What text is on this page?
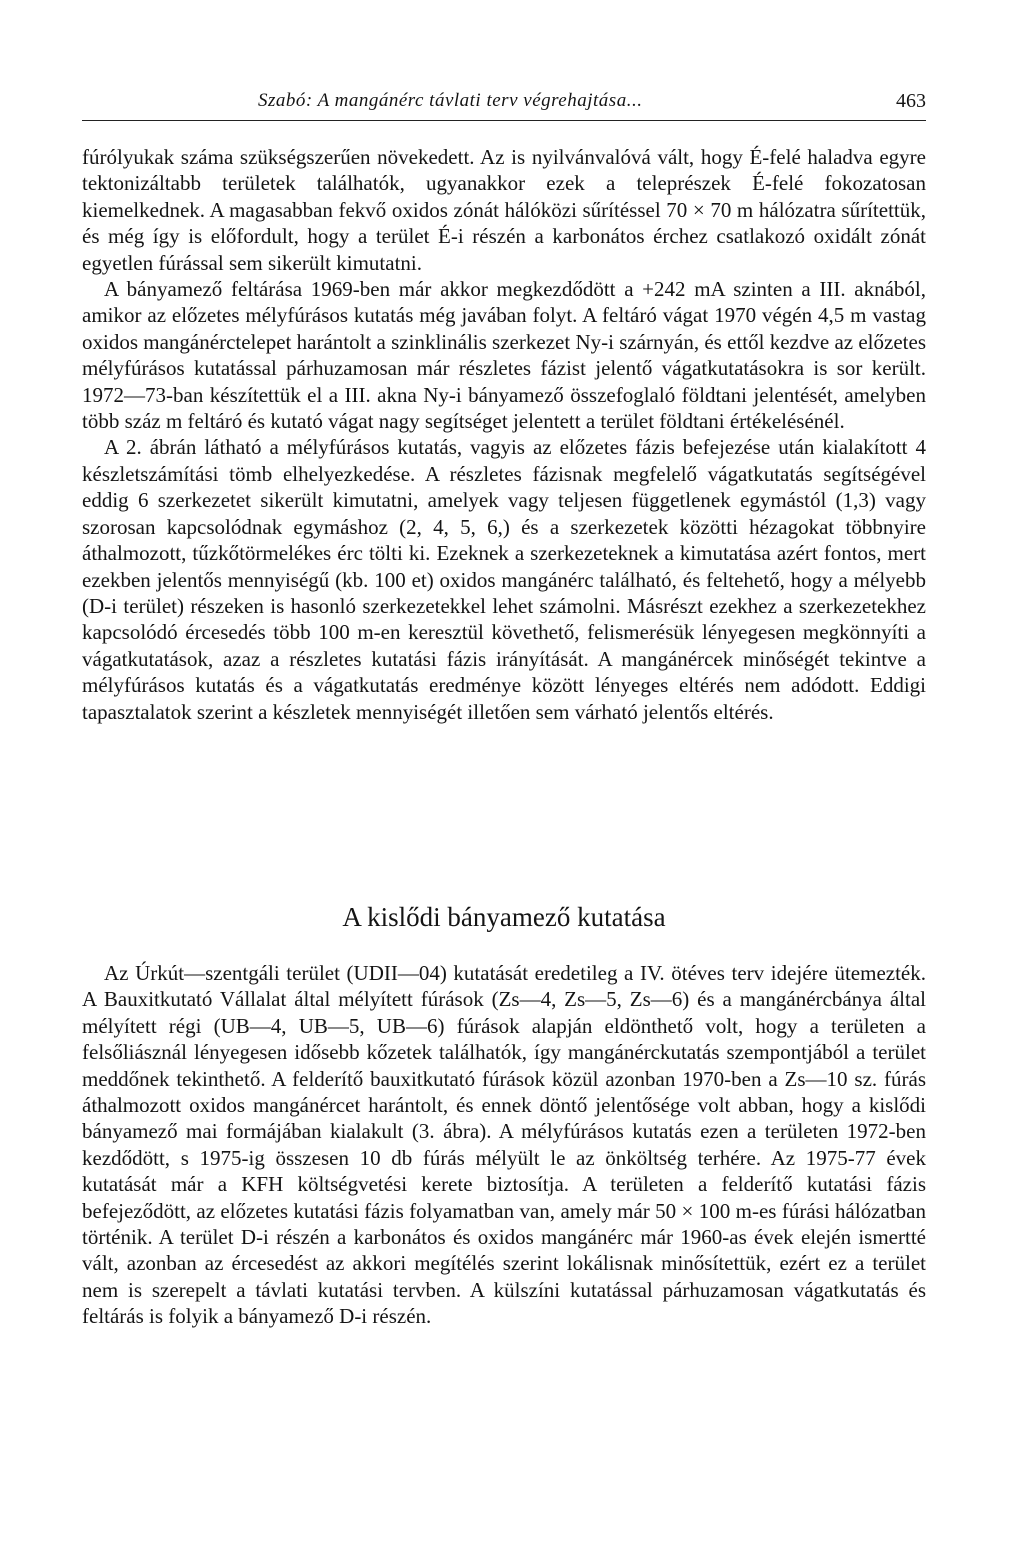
Szabó: A mangánérc távlati terv végrehajtása...	463

fúrólyukak száma szükségszerűen növekedett. Az is nyilvánvalóvá vált, hogy É-felé haladva egyre tektonizáltabb területek találhatók, ugyanakkor ezek a teleprészek É-felé fokozatosan kiemelkednek. A magasabban fekvő oxidos zónát hálóközi sűrítéssel 70 × 70 m hálózatra sűrítettük, és még így is előfordult, hogy a terület É-i részén a karbonátos érchez csatlakozó oxidált zónát egyetlen fúrással sem sikerült kimutatni.

A bányamező feltárása 1969-ben már akkor megkezdődött a +242 mA szinten a III. aknából, amikor az előzetes mélyfúrásos kutatás még javában folyt. A feltáró vágat 1970 végén 4,5 m vastag oxidos mangánérctelepet harántolt a szinklinális szerkezet Ny-i szárnyán, és ettől kezdve az előzetes mélyfúrásos kutatással párhuzamosan már részletes fázist jelentő vágatkutatásokra is sor került. 1972—73-ban készítettük el a III. akna Ny-i bányamező összefoglaló földtani jelentését, amelyben több száz m feltáró és kutató vágat nagy segítséget jelentett a terület földtani értékelésénél.

A 2. ábrán látható a mélyfúrásos kutatás, vagyis az előzetes fázis befejezése után kialakított 4 készletszámítási tömb elhelyezkedése. A részletes fázisnak megfelelő vágatkutatás segítségével eddig 6 szerkezetet sikerült kimutatni, amelyek vagy teljesen függetlenek egymástól (1,3) vagy szorosan kapcsolódnak egymáshoz (2, 4, 5, 6,) és a szerkezetek közötti hézagokat többnyire áthalmozott, tűzkőtörmelékes érc tölti ki. Ezeknek a szerkezeteknek a kimutatása azért fontos, mert ezekben jelentős mennyiségű (kb. 100 et) oxidos mangánérc található, és feltehető, hogy a mélyebb (D-i terület) részeken is hasonló szerkezetekkel lehet számolni. Másrészt ezekhez a szerkezetekhez kapcsolódó ércesedés több 100 m-en keresztül követhető, felismerésük lényegesen megkönnyíti a vágatkutatások, azaz a részletes kutatási fázis irányítását. A mangánércek minőségét tekintve a mélyfúrásos kutatás és a vágatkutatás eredménye között lényeges eltérés nem adódott. Eddigi tapasztalatok szerint a készletek mennyiségét illetően sem várható jelentős eltérés.

A kislődi bányamező kutatása

Az Úrkút—szentgáli terület (UDII—04) kutatását eredetileg a IV. ötéves terv idejére ütemezték. A Bauxitkutató Vállalat által mélyített fúrások (Zs—4, Zs—5, Zs—6) és a mangánércbánya által mélyített régi (UB—4, UB—5, UB—6) fúrások alapján eldönthető volt, hogy a területen a felsőliásznál lényegesen idősebb kőzetek találhatók, így mangánérckutatás szempontjából a terület meddőnek tekinthető. A felderítő bauxitkutató fúrások közül azonban 1970-ben a Zs—10 sz. fúrás áthalmozott oxidos mangánércet harántolt, és ennek döntő jelentősége volt abban, hogy a kislődi bányamező mai formájában kialakult (3. ábra). A mélyfúrásos kutatás ezen a területen 1972-ben kezdődött, s 1975-ig összesen 10 db fúrás mélyült le az önköltség terhére. Az 1975-77 évek kutatását már a KFH költségvetési kerete biztosítja. A területen a felderítő kutatási fázis befejeződött, az előzetes kutatási fázis folyamatban van, amely már 50 × 100 m-es fúrási hálózatban történik. A terület D-i részén a karbonátos és oxidos mangánérc már 1960-as évek elején ismertté vált, azonban az ércesedést az akkori megítélés szerint lokálisnak minősítettük, ezért ez a terület nem is szerepelt a távlati kutatási tervben. A külszíni kutatással párhuzamosan vágatkutatás és feltárás is folyik a bányamező D-i részén.
